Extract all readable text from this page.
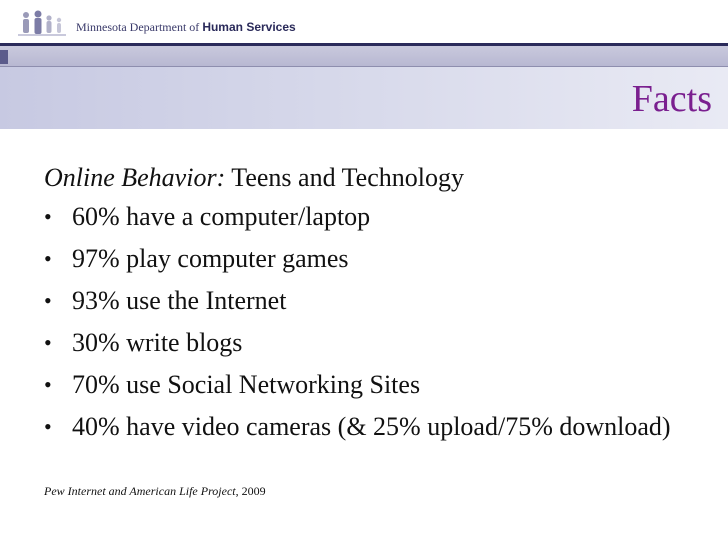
Minnesota Department of Human Services
Facts
Online Behavior: Teens and Technology
• 60% have a computer/laptop
• 97% play computer games
• 93% use the Internet
• 30% write blogs
• 70% use Social Networking Sites
• 40% have video cameras (& 25% upload/75% download)
Pew Internet and American Life Project, 2009
